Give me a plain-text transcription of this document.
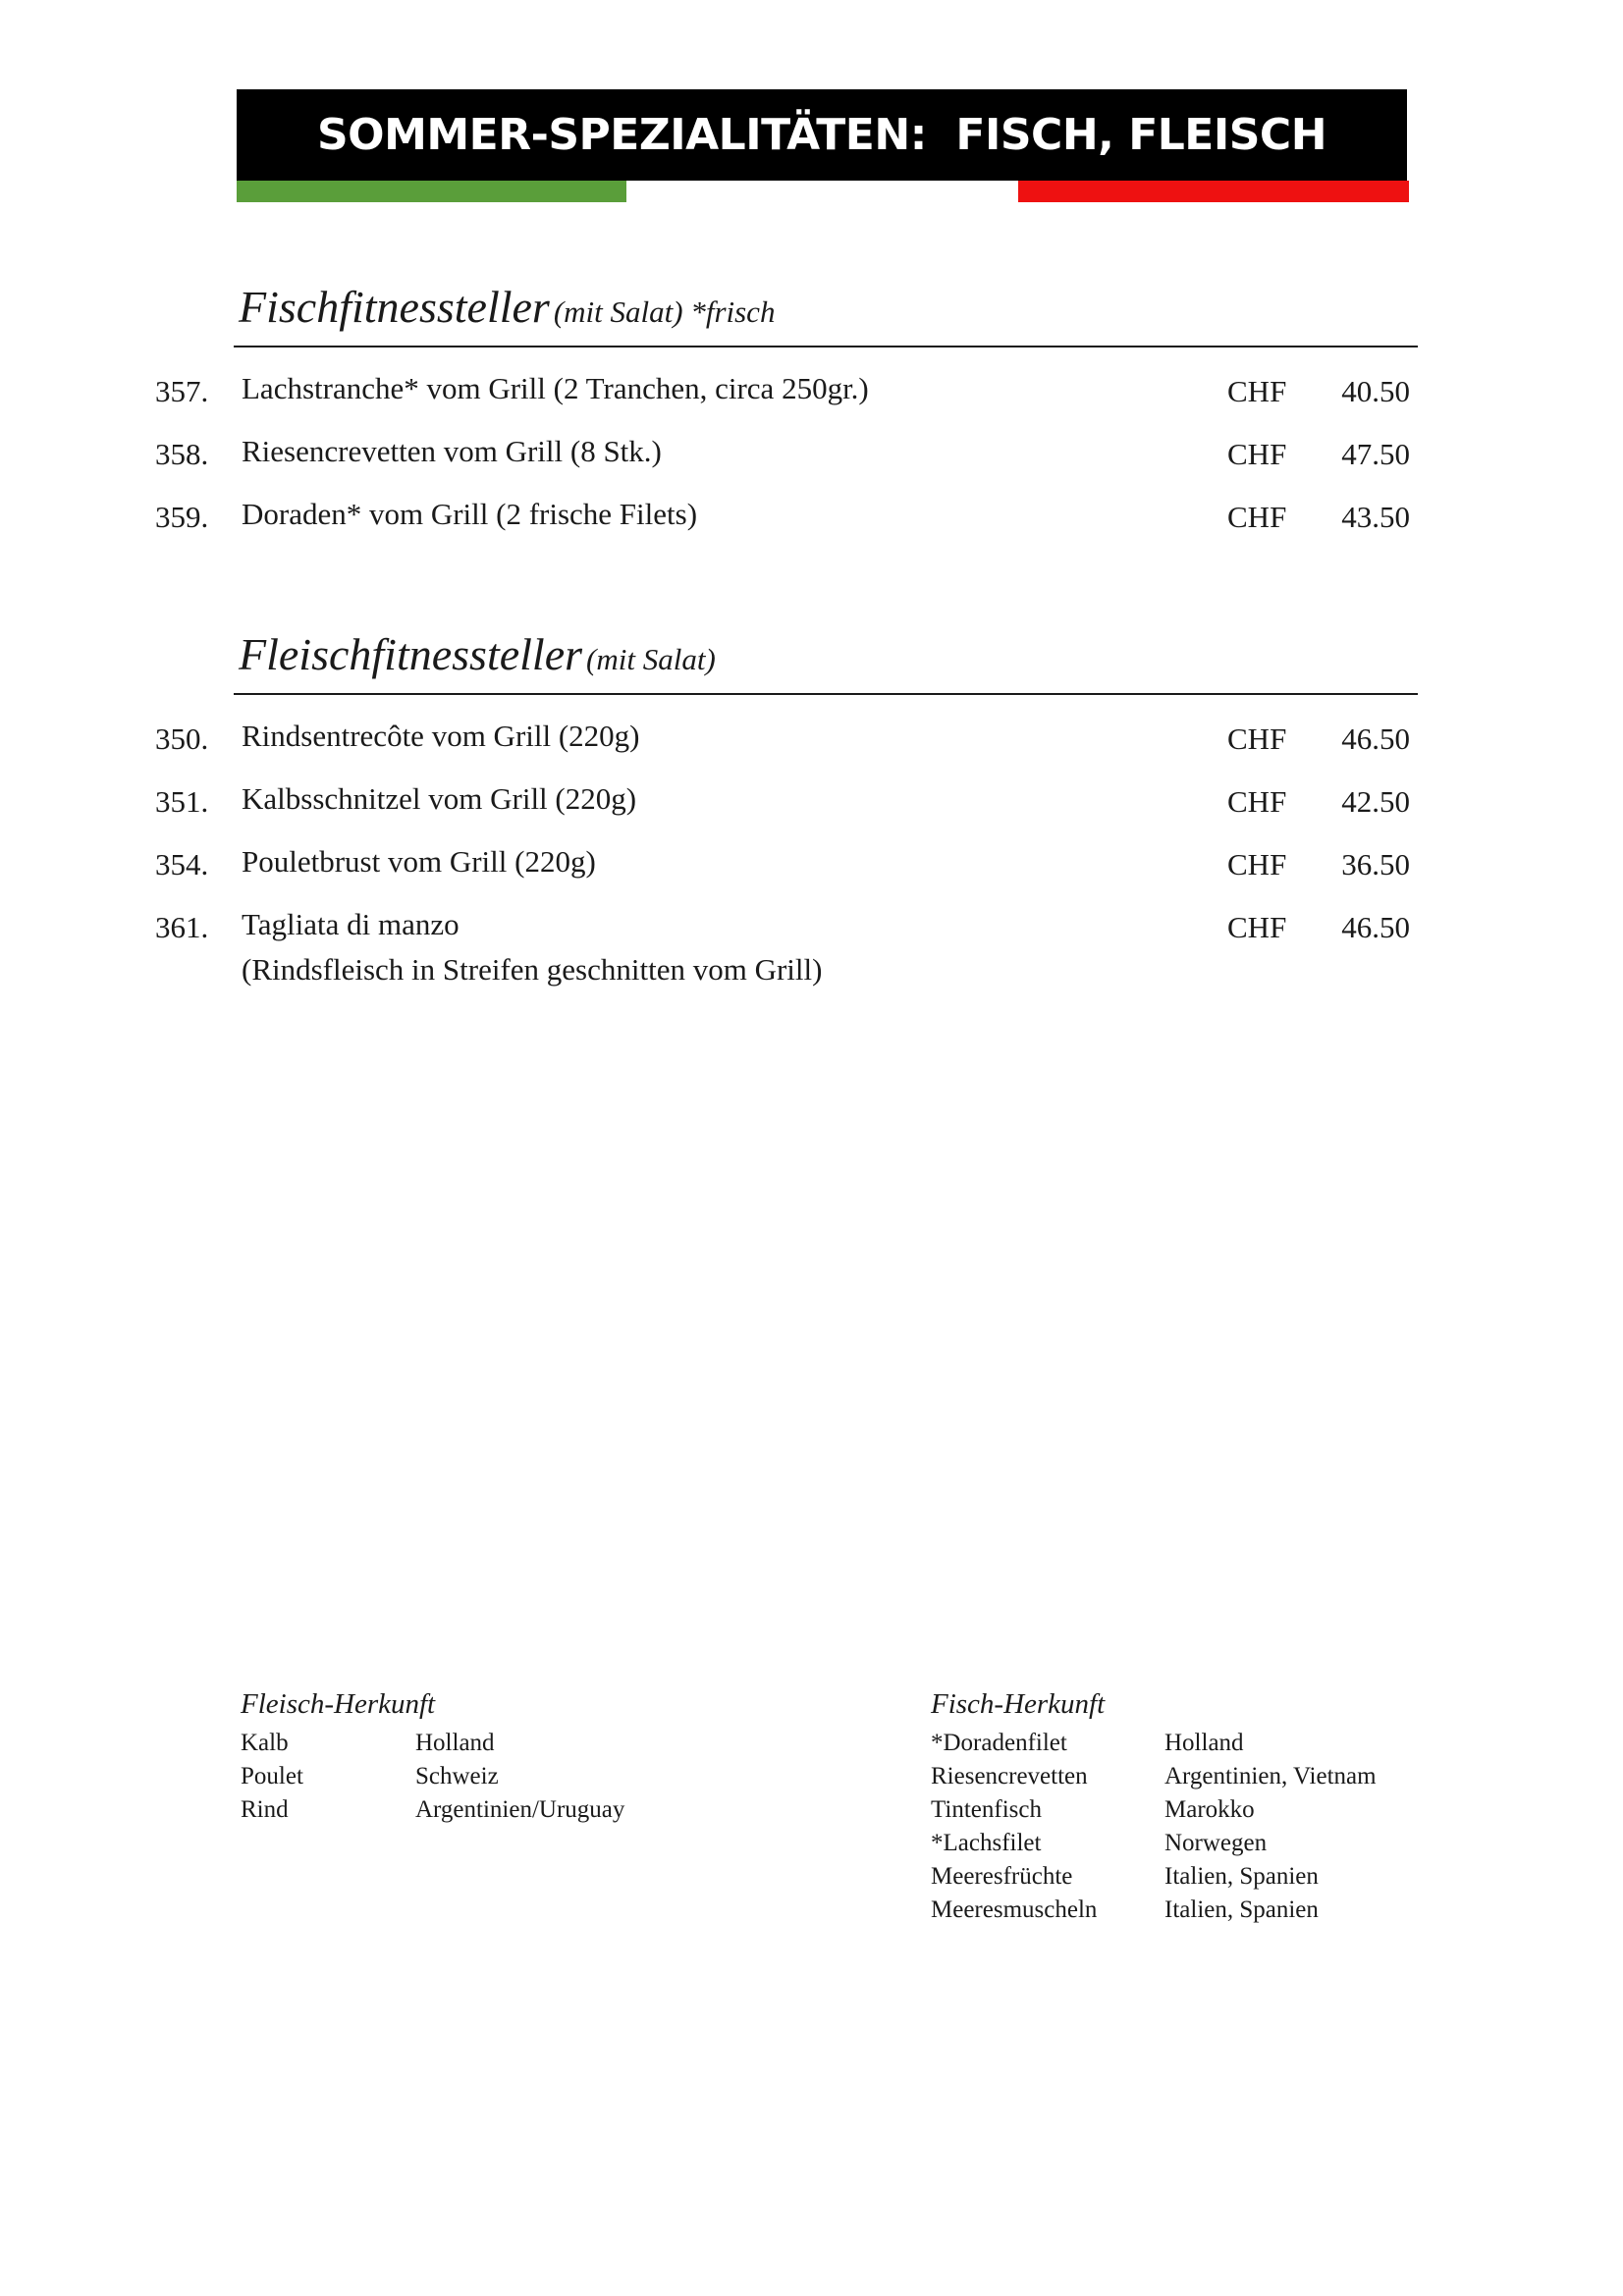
SOMMER-SPEZIALITÄTEN:  FISCH, FLEISCH
Fischfitnessteller (mit Salat) *frisch
357. Lachstranche* vom Grill (2 Tranchen, circa 250gr.)	CHF 40.50
358. Riesencrevetten vom Grill (8 Stk.)	CHF 47.50
359. Doraden* vom Grill (2 frische Filets)	CHF 43.50
Fleischfitnessteller (mit Salat)
350. Rindsentrecôte vom Grill (220g)	CHF 46.50
351. Kalbsschnitzel vom Grill (220g)	CHF 42.50
354. Pouletbrust vom Grill (220g)	CHF 36.50
361. Tagliata di manzo	CHF 46.50
(Rindsfleisch in Streifen geschnitten vom Grill)
Fleisch-Herkunft
Kalb	Holland
Poulet	Schweiz
Rind	Argentinien/Uruguay
Fisch-Herkunft
*Doradenfilet	Holland
Riesencrevetten	Argentinien, Vietnam
Tintenfisch	Marokko
*Lachsfilet	Norwegen
Meeresfrüchte	Italien, Spanien
Meeresmuscheln	Italien, Spanien
